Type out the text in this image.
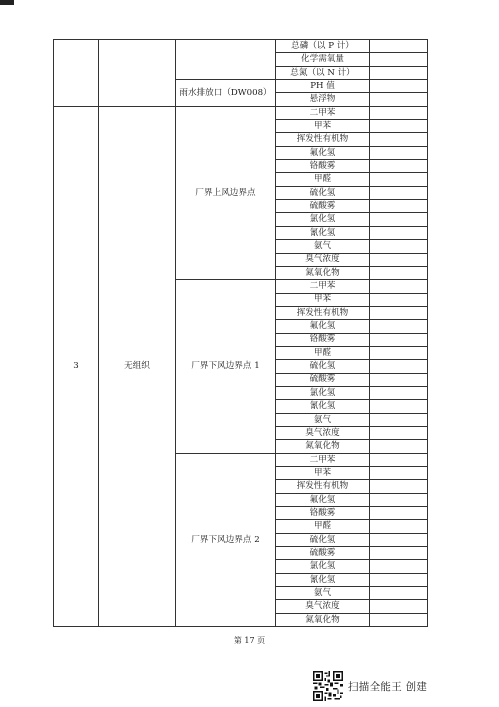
			总磷（以 P 计）	
			化学需氧量	
			总氮（以 N 计）	
		雨水排放口（DW008）	PH 值	
			悬浮物	
3	无组织	厂界上风边界点	二甲苯	
			甲苯	
			挥发性有机物	
			氟化氢	
			铬酸雾	
			甲醛	
			硫化氢	
			硫酸雾	
			氯化氢	
			氰化氢	
			氨气	
			臭气浓度	
			氮氧化物	
		厂界下风边界点 1	二甲苯	
			甲苯	
			挥发性有机物	
			氟化氢	
			铬酸雾	
			甲醛	
			硫化氢	
			硫酸雾	
			氯化氢	
			氰化氢	
			氨气	
			臭气浓度	
			氮氧化物	
		厂界下风边界点 2	二甲苯	
			甲苯	
			挥发性有机物	
			氟化氢	
			铬酸雾	
			甲醛	
			硫化氢	
			硫酸雾	
			氯化氢	
			氰化氢	
			氨气	
			臭气浓度	
			氮氧化物	
第 17 页
扫描全能王 创建
